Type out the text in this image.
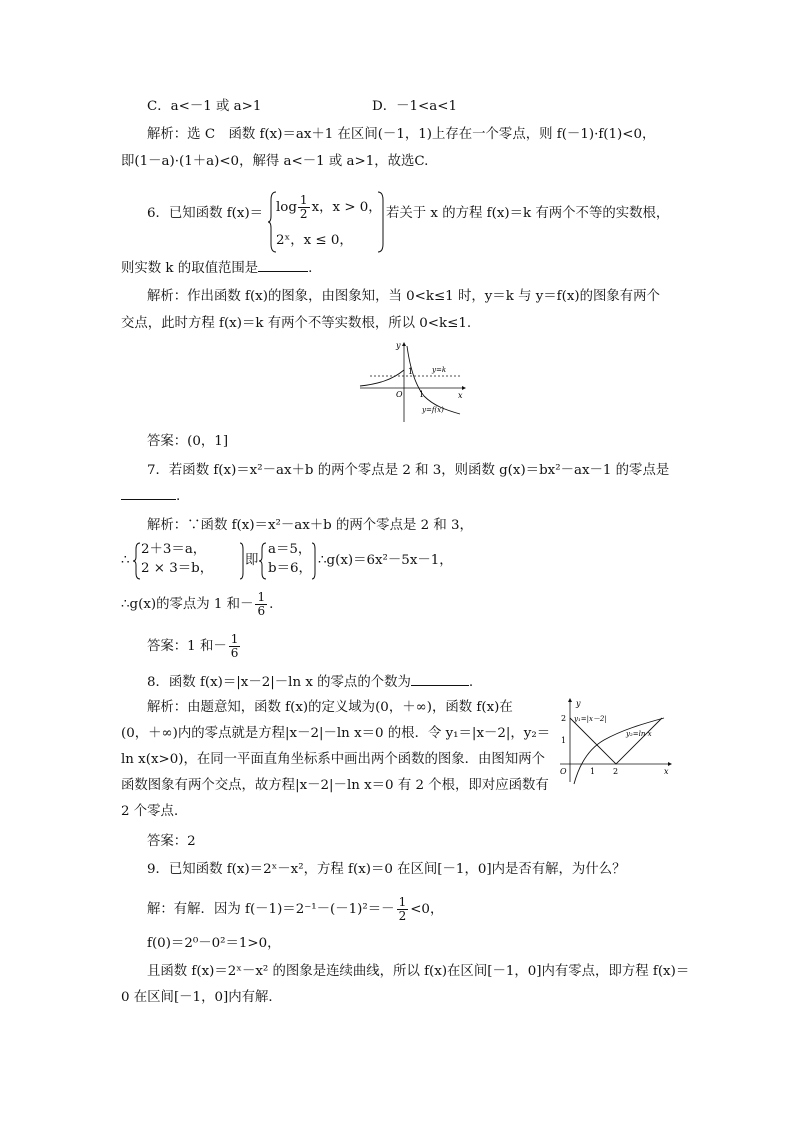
C．a<－1 或 a>1	D．－1<a<1
解析：选 C　函数 f(x)＝ax＋1 在区间(－1，1)上存在一个零点，则 f(－1)·f(1)<0，
即(1－a)·(1＋a)<0，解得 a<－1 或 a>1，故选C.
6．已知函数 $f(x)= \log \frac{1}{2}$ x，x > 0，
2ˣ，x ≤ 0，
若关于 x 的方程 f(x)＝k 有两个不等的实数根，
则实数 k 的取值范围是	.
解析：作出函数 f(x)的图象，由图象知，当 0<k≤1 时，y＝k 与 y＝f(x)的图象有两个
交点，此时方程 f(x)＝k 有两个不等实数根，所以 0<k≤1.
y
x
O 1
1	y=k
y=f(x)
答案：(0，1]
7．若函数 f(x)＝x²－ax＋b 的两个零点是 2 和 3，则函数 g(x)＝bx²－ax－1 的零点是
.
解析：∵函数 f(x)＝x²－ax＋b 的两个零点是 2 和 3，
∴
2＋3＝a，
2 × 3＝b，
即
a＝5，
b＝6，
∴g(x)＝6x²－5x－1，
∴g(x)的零点为 1 和－ $\frac{1}{6}$ .
答案：1 和－ $\frac{1}{6}$
8．函数 f(x)＝|x－2|－ln x 的零点的个数为	.
解析：由题意知，函数 f(x)的定义域为(0，＋∞)，函数 f(x)在
(0，＋∞)内的零点就是方程|x－2|－ln x＝0 的根．令 y₁＝|x－2|，y₂＝
ln x(x>0)，在同一平面直角坐标系中画出两个函数的图象．由图知两个
函数图象有两个交点，故方程|x－2|－ln x＝0 有 2 个根，即对应函数有
2 个零点．
y
x
O
2
1
1 2
y₁=|x－2|
y₂=ln x
答案：2
9．已知函数 f(x)＝2ˣ－x²，方程 f(x)＝0 在区间[－1，0]内是否有解，为什么？
解：有解．因为 $f(-1)=2^{-1}-(-1)^2=- \frac{1}{2} <0$，
f(0)＝2⁰－0²＝1>0，
且函数 f(x)＝2ˣ－x² 的图象是连续曲线，所以 f(x)在区间[－1，0]内有零点，即方程 f(x)＝
0 在区间[－1，0]内有解．
